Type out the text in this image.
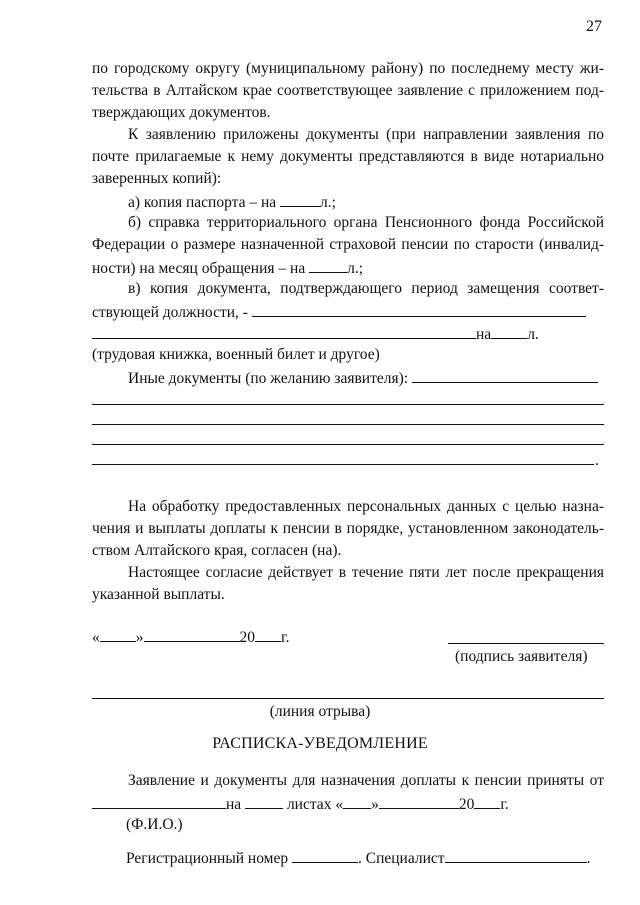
27
по городскому округу (муниципальному району) по последнему месту жи-
тельства в Алтайском крае соответствующее заявление с приложением под-
тверждающих документов.
К заявлению приложены документы (при направлении заявления по
почте прилагаемые к нему документы представляются в виде нотариально
заверенных копий):
а) копия паспорта – на	л.;
б) справка территориального органа Пенсионного фонда Российской
Федерации о размере назначенной страховой пенсии по старости (инвалид-
ности) на месяц обращения – на	л.;
в) копия документа, подтверждающего период замещения соответ-
ствующей должности, -
на л.
(трудовая книжка, военный билет и другое)
Иные документы (по желанию заявителя):
.
На обработку предоставленных персональных данных с целью назна-
чения и выплаты доплаты к пенсии в порядке, установленном законодатель-
ством Алтайского края, согласен (на).
Настоящее согласие действует в течение пяти лет после прекращения
указанной выплаты.
« »	20 г.
(подпись заявителя)
(линия отрыва)
РАСПИСКА-УВЕДОМЛЕНИЕ
Заявление и документы для назначения доплаты к пенсии приняты от
на	листах « »	20 г.
(Ф.И.О.)
Регистрационный номер	. Специалист	.
